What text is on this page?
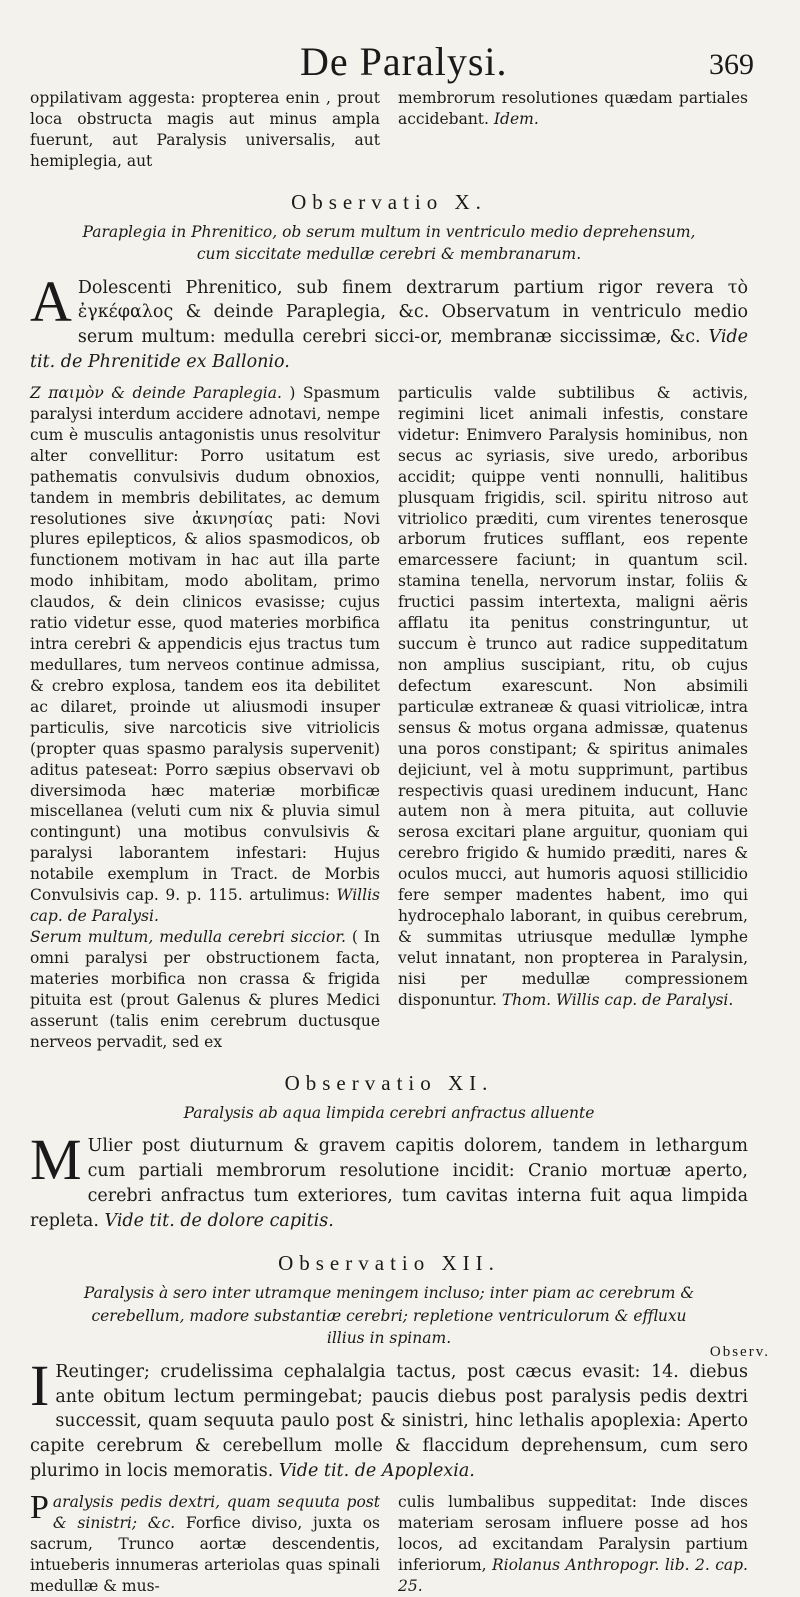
De Paralysi.	369
oppilativam aggesta: propterea enin , prout loca obstructa magis aut minus ampla fuerunt, aut Paralysis universalis, aut hemiplegia, aut
membrorum resolutiones quædam partiales accidebant. Idem.
Observatio X.
Paraplegia in Phrenitico, ob serum multum in ventriculo medio deprehensum, cum siccitate medullæ cerebri & membranarum.
A Dolescenti Phrenitico, sub finem dextrarum partium rigor revera τὸ ἐγκέφαλος & deinde Paraplegia, &c. Observatum in ventriculo medio serum multum: medulla cerebri sicci-or, membranæ siccissimæ, &c. Vide tit. de Phrenitide ex Ballonio.
Ζ παιμὸν & deinde Paraplegia. ) Spasmum paralysi interdum accidere adnotavi, nempe cum è musculis antagonistis unus resolvitur alter convellitur: Porro usitatum est pathematis convulsivis dudum obnoxios, tandem in membris debilitates, ac demum resolutiones sive ἀκινησίας pati: Novi plures epilepticos, & alios spasmodicos, ob functionem motivam in hac aut illa parte modo inhibitam, modo abolitam, primo claudos, & dein clinicos evasisse; cujus ratio videtur esse, quod materies morbifica intra cerebri & appendicis ejus tractus tum medullares, tum nerveos continue admissa, & crebro explosa, tandem eos ita debilitet ac dilaret, proinde ut aliusmodi insuper particulis, sive narcoticis sive vitriolicis (propter quas spasmo paralysis supervenit) aditus pateseat: Porro sæpius observavi ob diversimoda hæc materiæ morbificæ miscellanea (veluti cum nix & pluvia simul contingunt) una motibus convulsivis & paralysi laborantem infestari: Hujus notabile exemplum in Tract. de Morbis Convulsivis cap. 9. p. 115. artulimus: Willis cap. de Paralysi.
Serum multum, medulla cerebri siccior. ( In omni paralysi per obstructionem facta, materies morbifica non crassa & frigida pituita est (prout Galenus & plures Medici asserunt (talis enim cerebrum ductusque nerveos pervadit, sed ex
particulis valde subtilibus & activis, regimini licet animali infestis, constare videtur: Enimvero Paralysis hominibus, non secus ac syriasis, sive uredo, arboribus accidit; quippe venti nonnulli, halitibus plusquam frigidis, scil. spiritu nitroso aut vitriolico præditi, cum virentes tenerosque arborum frutices sufflant, eos repente emarcessere faciunt; in quantum scil. stamina tenella, nervorum instar, foliis & fructici passim intertexta, maligni aëris afflatu ita penitus constringuntur, ut succum è trunco aut radice suppeditatum non amplius suscipiant, ritu, ob cujus defectum exarescunt. Non absimili particulæ extraneæ & quasi vitriolicæ, intra sensus & motus organa admissæ, quatenus una poros constipant; & spiritus animales dejiciunt, vel à motu supprimunt, partibus respectivis quasi uredinem inducunt, Hanc autem non à mera pituita, aut colluvie serosa excitari plane arguitur, quoniam qui cerebro frigido & humido præditi, nares & oculos mucci, aut humoris aquosi stillicidio fere semper madentes habent, imo qui hydrocephalo laborant, in quibus cerebrum, & summitas utriusque medullæ lymphe velut innatant, non propterea in Paralysin, nisi per medullæ compressionem disponuntur. Thom. Willis cap. de Paralysi.
Observatio XI.
Paralysis ab aqua limpida cerebri anfractus alluente
M Ulier post diuturnum & gravem capitis dolorem, tandem in lethargum cum partiali membrorum resolutione incidit: Cranio mortuæ aperto, cerebri anfractus tum exteriores, tum cavitas interna fuit aqua limpida repleta. Vide tit. de dolore capitis.
Observatio XII.
Paralysis à sero inter utramque meningem incluso; inter piam ac cerebrum & cerebellum, madore substantiæ cerebri; repletione ventriculorum & effluxu illius in spinam.
I Reutinger; crudelissima cephalalgia tactus, post cæcus evasit: 14. diebus ante obitum lectum permingebat; paucis diebus post paralysis pedis dextri successit, quam sequuta paulo post & sinistri, hinc lethalis apoplexia: Aperto capite cerebrum & cerebellum molle & flaccidum deprehensum, cum sero plurimo in locis memoratis. Vide tit. de Apoplexia.
P aralysis pedis dextri, quam sequuta post & sinistri; &c. Forfice diviso, juxta os sacrum, Trunco aortæ descendentis, intueberis innumeras arteriolas quas spinali medullæ & mus-
culis lumbalibus suppeditat: Inde disces materiam serosam influere posse ad hos locos, ad excitandam Paralysin partium inferiorum, Riolanus Anthropogr. lib. 2. cap. 25.
Observ.
